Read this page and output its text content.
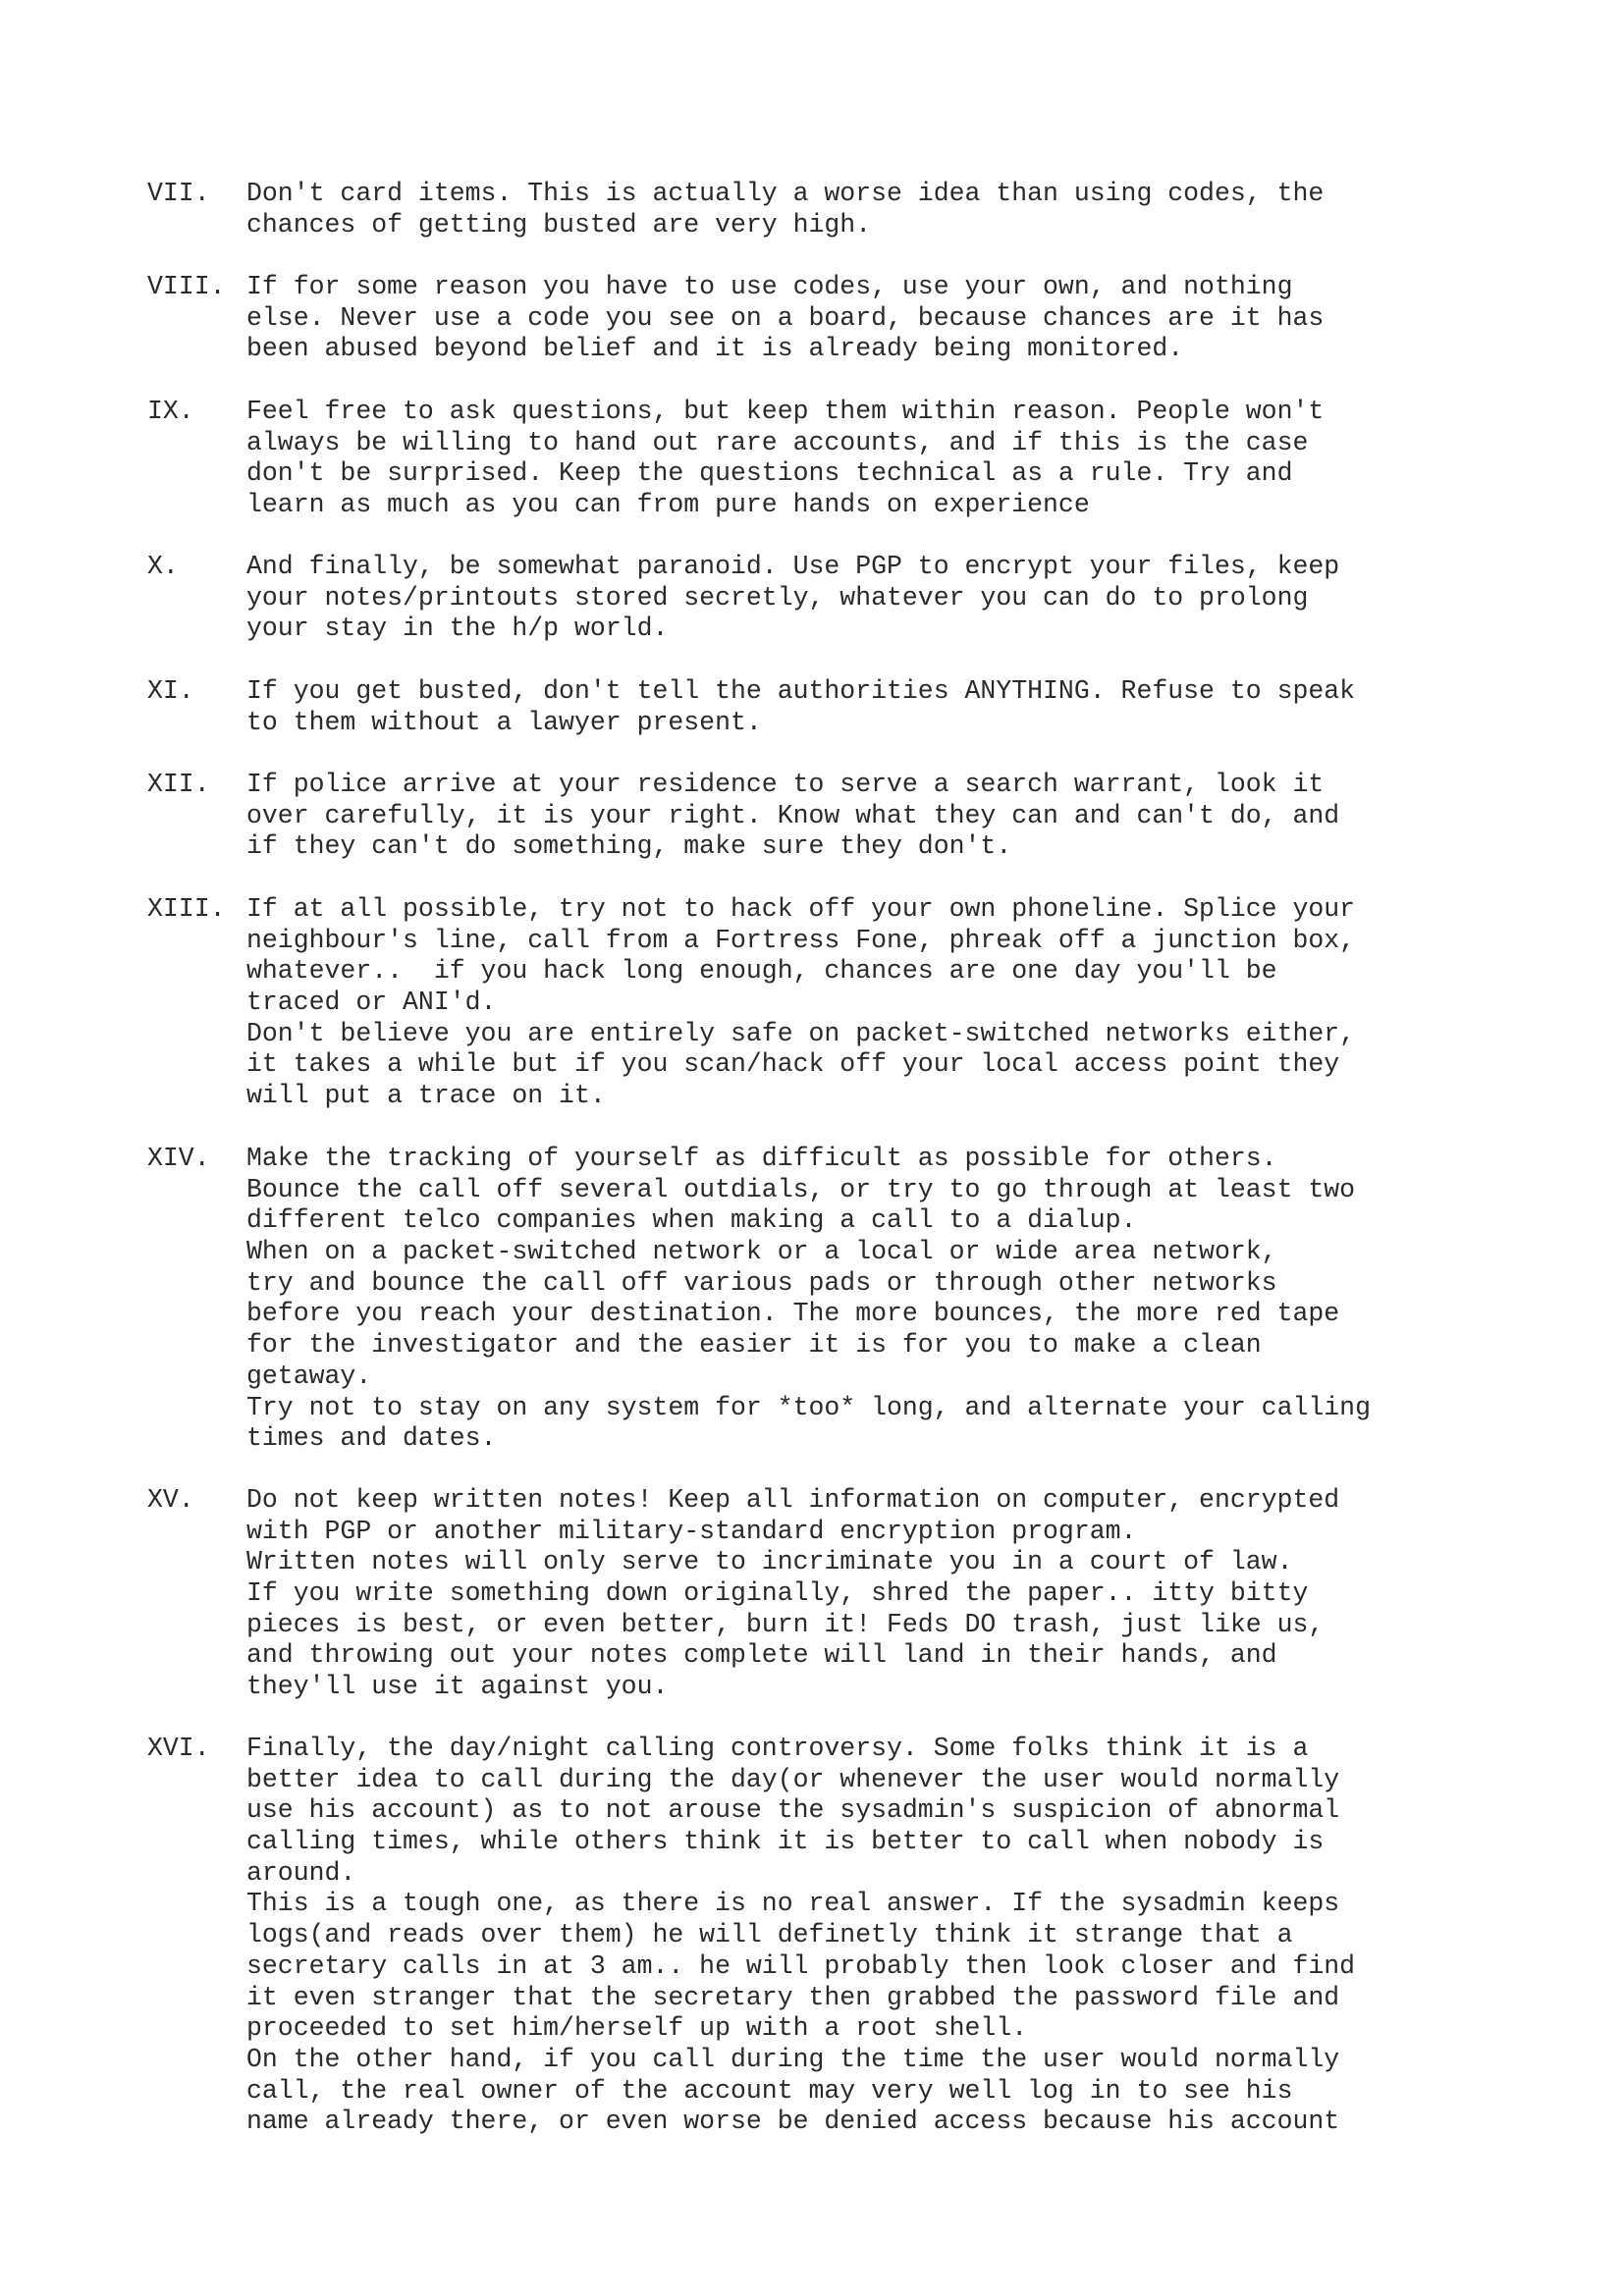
VII. Don't card items. This is actually a worse idea than using codes, the
chances of getting busted are very high.
VIII. If for some reason you have to use codes, use your own, and nothing
else. Never use a code you see on a board, because chances are it has
been abused beyond belief and it is already being monitored.
IX. Feel free to ask questions, but keep them within reason. People won't
always be willing to hand out rare accounts, and if this is the case
don't be surprised. Keep the questions technical as a rule. Try and
learn as much as you can from pure hands on experience
X.	And finally, be somewhat paranoid. Use PGP to encrypt your files, keep
your notes/printouts stored secretly, whatever you can do to prolong
your stay in the h/p world.
XI. If you get busted, don't tell the authorities ANYTHING. Refuse to speak
to them without a lawyer present.
XII. If police arrive at your residence to serve a search warrant, look it
over carefully, it is your right. Know what they can and can't do, and
if they can't do something, make sure they don't.
XIII. If at all possible, try not to hack off your own phoneline. Splice your
neighbour's line, call from a Fortress Fone, phreak off a junction box,
whatever..  if you hack long enough, chances are one day you'll be
traced or ANI'd.
Don't believe you are entirely safe on packet-switched networks either,
it takes a while but if you scan/hack off your local access point they
will put a trace on it.
XIV. Make the tracking of yourself as difficult as possible for others.
Bounce the call off several outdials, or try to go through at least two
different telco companies when making a call to a dialup.
When on a packet-switched network or a local or wide area network,
try and bounce the call off various pads or through other networks
before you reach your destination. The more bounces, the more red tape
for the investigator and the easier it is for you to make a clean
getaway.
Try not to stay on any system for *too* long, and alternate your calling
times and dates.
XV. Do not keep written notes! Keep all information on computer, encrypted
with PGP or another military-standard encryption program.
Written notes will only serve to incriminate you in a court of law.
If you write something down originally, shred the paper.. itty bitty
pieces is best, or even better, burn it! Feds DO trash, just like us,
and throwing out your notes complete will land in their hands, and
they'll use it against you.
XVI. Finally, the day/night calling controversy. Some folks think it is a
better idea to call during the day(or whenever the user would normally
use his account) as to not arouse the sysadmin's suspicion of abnormal
calling times, while others think it is better to call when nobody is
around.
This is a tough one, as there is no real answer. If the sysadmin keeps
logs(and reads over them) he will definetly think it strange that a
secretary calls in at 3 am.. he will probably then look closer and find
it even stranger that the secretary then grabbed the password file and
proceeded to set him/herself up with a root shell.
On the other hand, if you call during the time the user would normally
call, the real owner of the account may very well log in to see his
name already there, or even worse be denied access because his account
